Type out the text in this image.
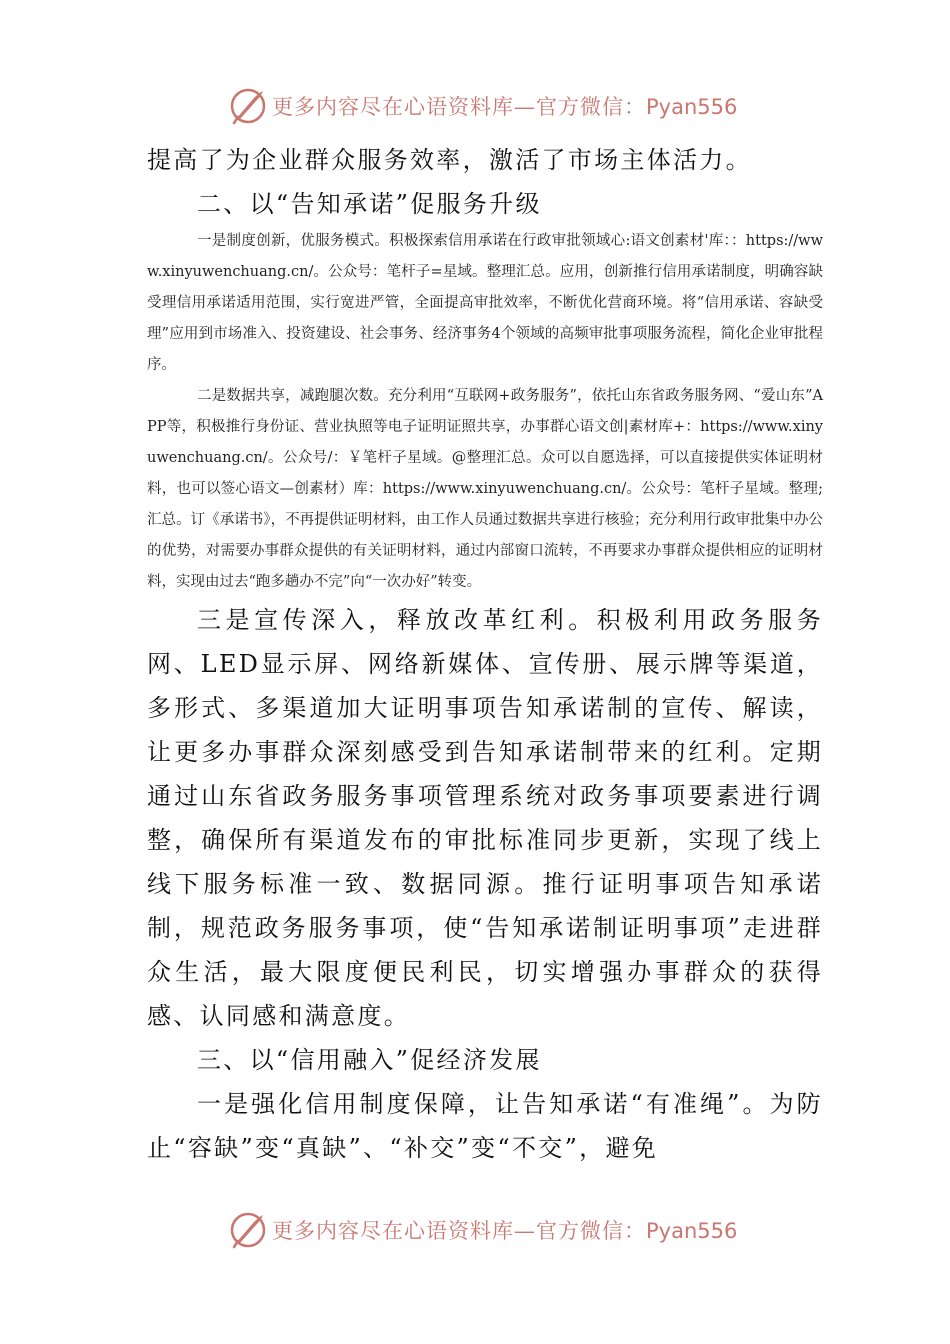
更多内容尽在心语资料库—官方微信：Pyan556

提高了为企业群众服务效率，激活了市场主体活力。

二、以“告知承诺”促服务升级

一是制度创新，优服务模式。积极探索信用承诺在行政审批领域心:语文创素材'库：：https://www.xinyuwenchuang.cn/。公众号：笔杆子=星域。整理汇总。应用，创新推行信用承诺制度，明确容缺受理信用承诺适用范围，实行宽进严管，全面提高审批效率，不断优化营商环境。将“信用承诺、容缺受理”应用到市场准入、投资建设、社会事务、经济事务4个领域的高频审批事项服务流程，简化企业审批程序。

二是数据共享，减跑腿次数。充分利用“互联网+政务服务”，依托山东省政务服务网、“爱山东”APP等，积极推行身份证、营业执照等电子证明证照共享，办事群心语文创|素材库+：https://www.xinyuwenchuang.cn/。公众号/：￥笔杆子星域。@整理汇总。众可以自愿选择，可以直接提供实体证明材料，也可以签心语文—创素材）库：https://www.xinyuwenchuang.cn/。公众号：笔杆子星域。整理;汇总。订《承诺书》，不再提供证明材料，由工作人员通过数据共享进行核验；充分利用行政审批集中办公的优势，对需要办事群众提供的有关证明材料，通过内部窗口流转，不再要求办事群众提供相应的证明材料，实现由过去“跑多趟办不完”向“一次办好”转变。

三是宣传深入，释放改革红利。积极利用政务服务网、LED显示屏、网络新媒体、宣传册、展示牌等渠道，多形式、多渠道加大证明事项告知承诺制的宣传、解读，让更多办事群众深刻感受到告知承诺制带来的红利。定期通过山东省政务服务事项管理系统对政务事项要素进行调整，确保所有渠道发布的审批标准同步更新，实现了线上线下服务标准一致、数据同源。推行证明事项告知承诺制，规范政务服务事项，使“告知承诺制证明事项”走进群众生活，最大限度便民利民，切实增强办事群众的获得感、认同感和满意度。

三、以“信用融入”促经济发展

一是强化信用制度保障，让告知承诺“有准绳”。为防止“容缺”变“真缺”、“补交”变“不交”，避免

更多内容尽在心语资料库—官方微信：Pyan556
